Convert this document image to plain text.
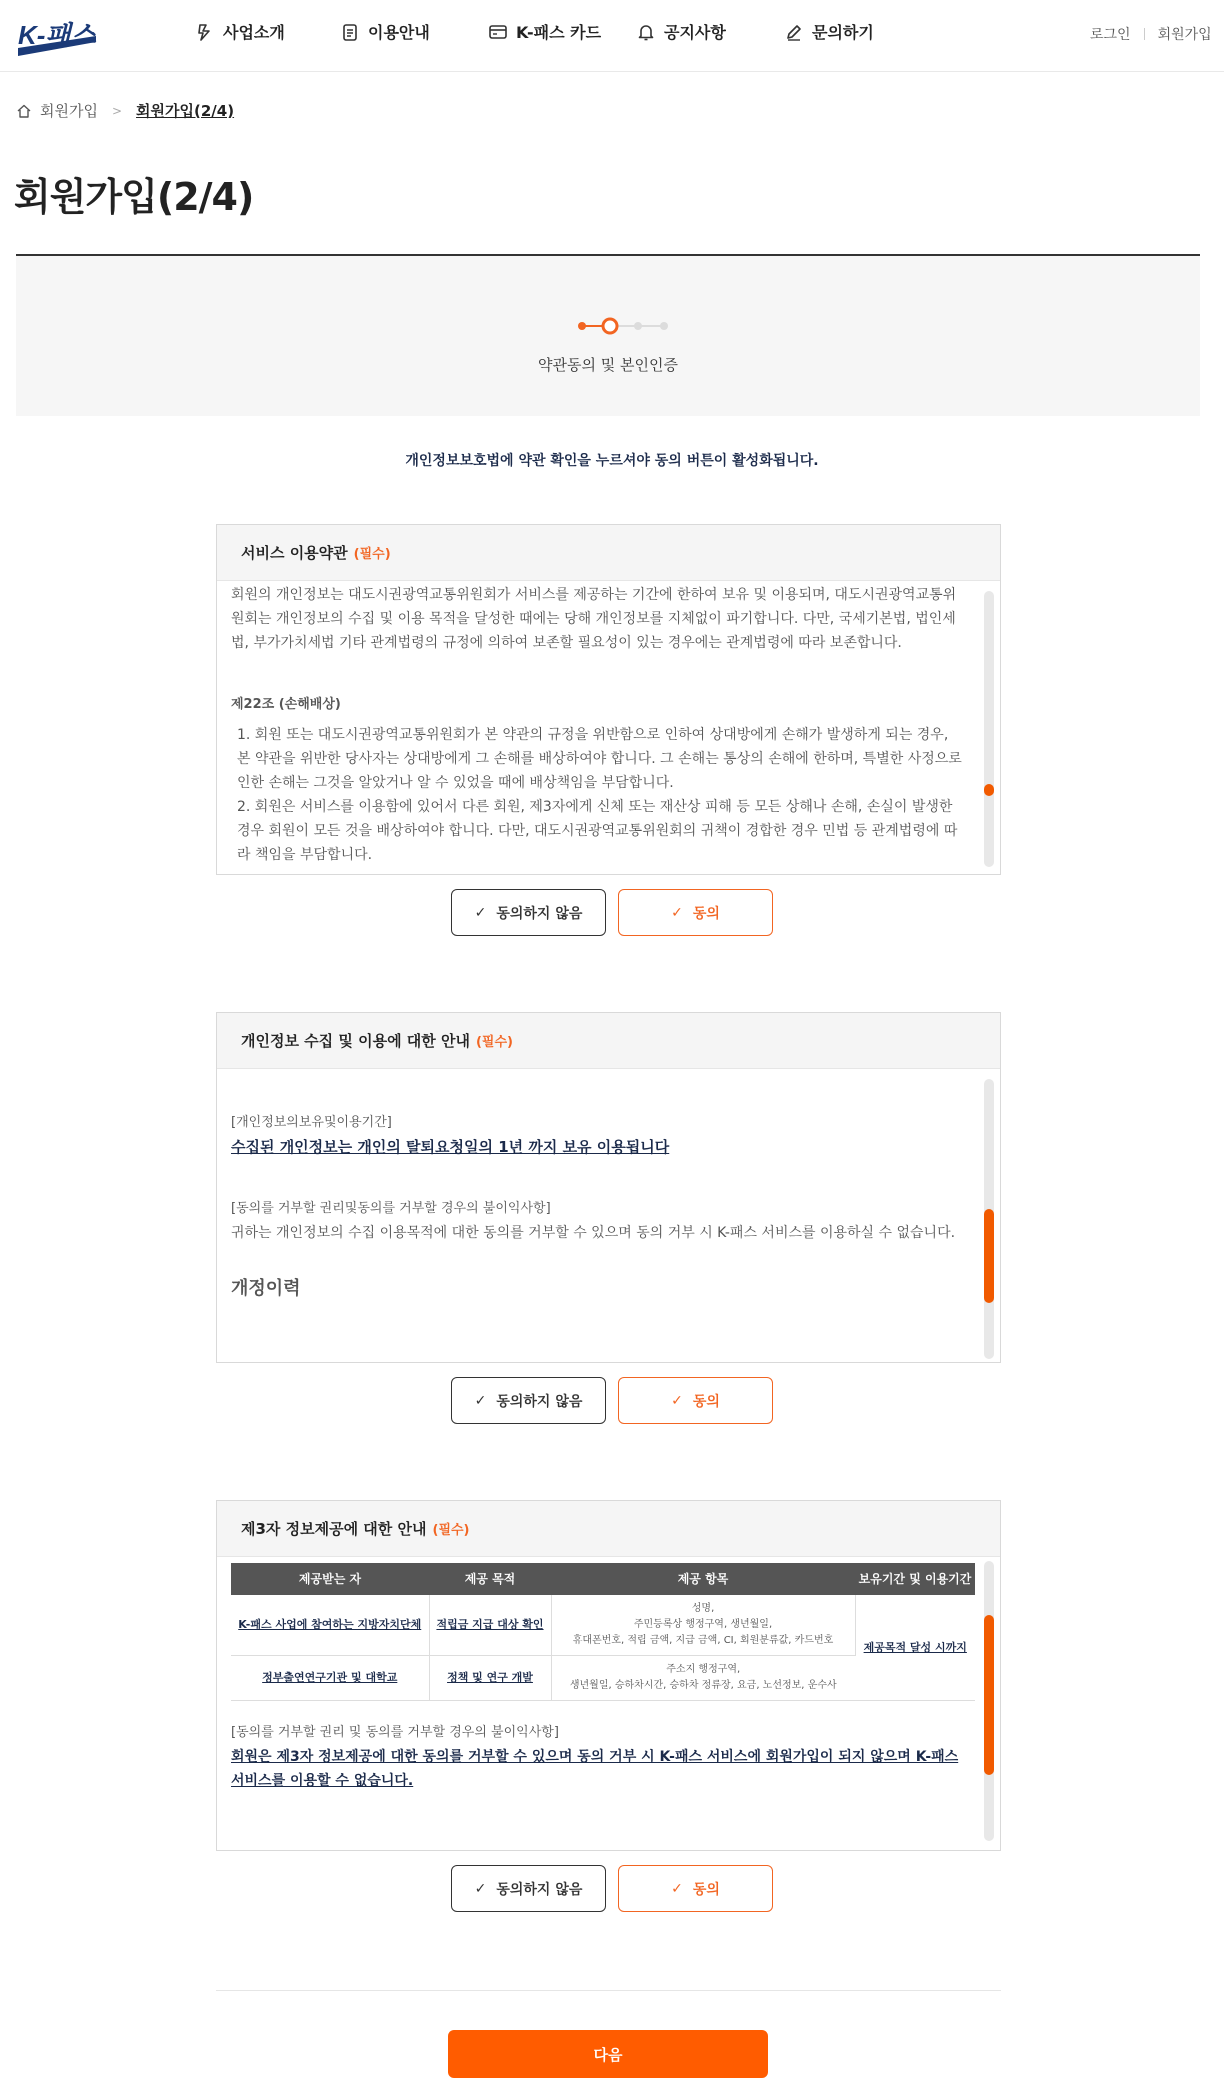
K-패스	사업소개	이용안내	K-패스 카드	공지사항	문의하기	로그인 회원가입
회원가입 > 회원가입(2/4)
회원가입(2/4)
약관동의 및 본인인증
개인정보보호법에 약관 확인을 누르셔야 동의 버튼이 활성화됩니다.
서비스 이용약관 (필수)

회원의 개인정보는 대도시권광역교통위원회가 서비스를 제공하는 기간에 한하여 보유 및 이용되며, 대도시권광역교통위원회는 개인정보의 수집 및 이용 목적을 달성한 때에는 당해 개인정보를 지체없이 파기합니다. 다만, 국세기본법, 법인세법, 부가가치세법 기타 관계법령의 규정에 의하여 보존할 필요성이 있는 경우에는 관계법령에 따라 보존합니다.

제22조 (손해배상)

1. 회원 또는 대도시권광역교통위원회가 본 약관의 규정을 위반함으로 인하여 상대방에게 손해가 발생하게 되는 경우, 본 약관을 위반한 당사자는 상대방에게 그 손해를 배상하여야 합니다. 그 손해는 통상의 손해에 한하며, 특별한 사정으로 인한 손해는 그것을 알았거나 알 수 있었을 때에 배상책임을 부담합니다.

2. 회원은 서비스를 이용함에 있어서 다른 회원, 제3자에게 신체 또는 재산상 피해 등 모든 상해나 손해, 손실이 발생한 경우 회원이 모든 것을 배상하여야 합니다. 다만, 대도시권광역교통위원회의 귀책이 경합한 경우 민법 등 관계법령에 따라 책임을 부담합니다.

✓ 동의하지 않음	✓ 동의
개인정보 수집 및 이용에 대한 안내 (필수)

[개인정보의보유및이용기간]

수집된 개인정보는 개인의 탈퇴요청일의 1년 까지 보유 이용됩니다

[동의를 거부할 권리및동의를 거부할 경우의 불이익사항]

귀하는 개인정보의 수집 이용목적에 대한 동의를 거부할 수 있으며 동의 거부 시 K-패스 서비스를 이용하실 수 없습니다.

개정이력

✓ 동의하지 않음	✓ 동의
제3자 정보제공에 대한 안내 (필수)
제공받는 자	제공 목적	제공 항목	보유기간 및 이용기간
K-패스 사업에 참여하는 지방자치단체	적립금 지급 대상 확인	성명,
주민등록상 행정구역, 생년월일,
휴대폰번호, 적립 금액, 지급 금액, CI, 회원분류값, 카드번호	제공목적 달성 시까지
정부출연연구기관 및 대학교	정책 및 연구 개발	주소지 행정구역,
생년월일, 승하차시간, 승하차 정류장, 요금, 노선정보, 운수사	

[동의를 거부할 권리 및 동의를 거부할 경우의 불이익사항]

회원은 제3자 정보제공에 대한 동의를 거부할 수 있으며 동의 거부 시 K-패스 서비스에 회원가입이 되지 않으며 K-패스 서비스를 이용할 수 없습니다.

✓ 동의하지 않음	✓ 동의
다음
